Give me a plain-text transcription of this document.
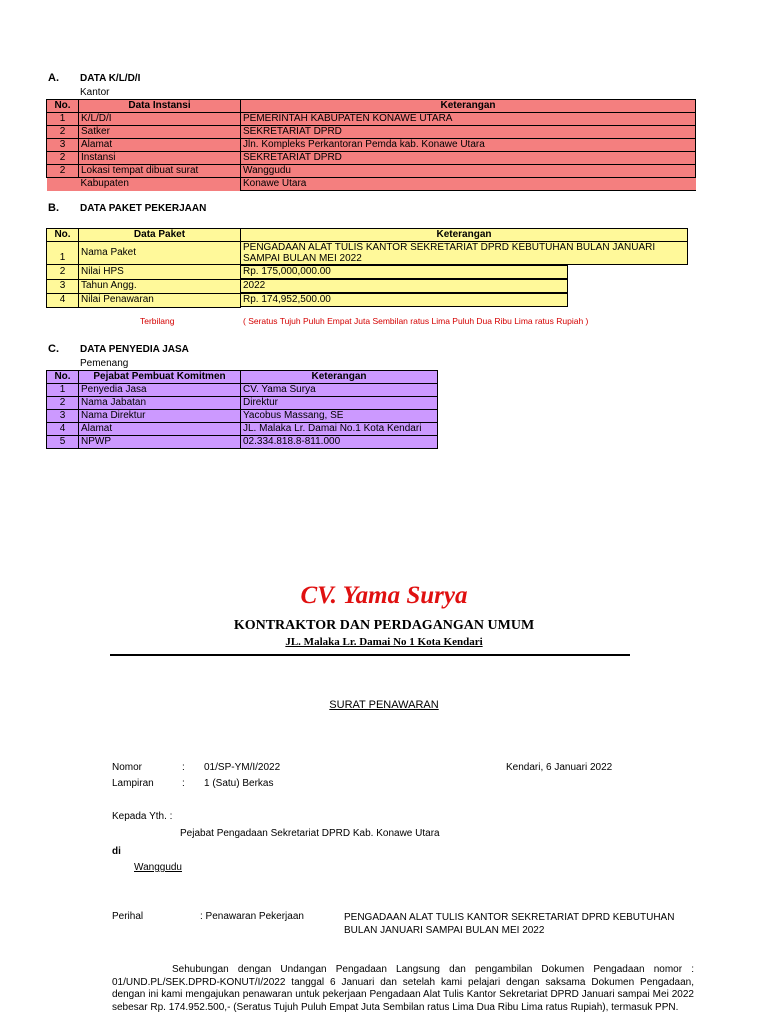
A. DATA K/L/D/I
Kantor
No.	Data Instansi	Keterangan
1	K/L/D/I	PEMERINTAH KABUPATEN KONAWE UTARA
2	Satker	SEKRETARIAT DPRD
3	Alamat	Jln. Kompleks Perkantoran Pemda kab. Konawe Utara
2	Instansi	SEKRETARIAT DPRD
2	Lokasi tempat dibuat surat	Wanggudu
	Kabupaten	Konawe Utara
B. DATA PAKET PEKERJAAN
No.	Data Paket	Keterangan
1	Nama Paket	PENGADAAN ALAT TULIS KANTOR SEKRETARIAT DPRD KEBUTUHAN BULAN JANUARI SAMPAI BULAN MEI 2022
2	Nilai HPS	Rp. 175,000,000.00
3	Tahun Angg.	2022
4	Nilai Penawaran	Rp. 174,952,500.00
Terbilang	( Seratus Tujuh Puluh Empat Juta Sembilan ratus Lima Puluh Dua Ribu Lima ratus Rupiah )
C. DATA PENYEDIA JASA
Pemenang
No.	Pejabat Pembuat Komitmen	Keterangan
1	Penyedia Jasa	CV. Yama Surya
2	Nama Jabatan	Direktur
3	Nama Direktur	Yacobus Massang, SE
4	Alamat	JL. Malaka Lr. Damai No.1 Kota Kendari
5	NPWP	02.334.818.8-811.000
CV. Yama Surya
KONTRAKTOR DAN PERDAGANGAN UMUM
JL. Malaka Lr. Damai No 1 Kota Kendari
SURAT PENAWARAN
Nomor	: 01/SP-YM/I/2022	Kendari, 6 Januari 2022
Lampiran	: 1 (Satu) Berkas
Kepada Yth. :
Pejabat Pengadaan Sekretariat DPRD Kab. Konawe Utara
di
Wanggudu
Perihal	: Penawaran Pekerjaan	PENGADAAN ALAT TULIS KANTOR SEKRETARIAT DPRD KEBUTUHAN BULAN JANUARI SAMPAI BULAN MEI 2022
Sehubungan dengan Undangan Pengadaan Langsung dan pengambilan Dokumen Pengadaan nomor : 01/UND.PL/SEK.DPRD-KONUT/I/2022 tanggal 6 Januari dan setelah kami pelajari dengan saksama Dokumen Pengadaan, dengan ini kami mengajukan penawaran untuk pekerjaan Pengadaan Alat Tulis Kantor Sekretariat DPRD Januari sampai Mei 2022 sebesar Rp. 174.952.500,- (Seratus Tujuh Puluh Empat Juta Sembilan ratus Lima Dua Ribu Lima ratus Rupiah), termasuk PPN.
